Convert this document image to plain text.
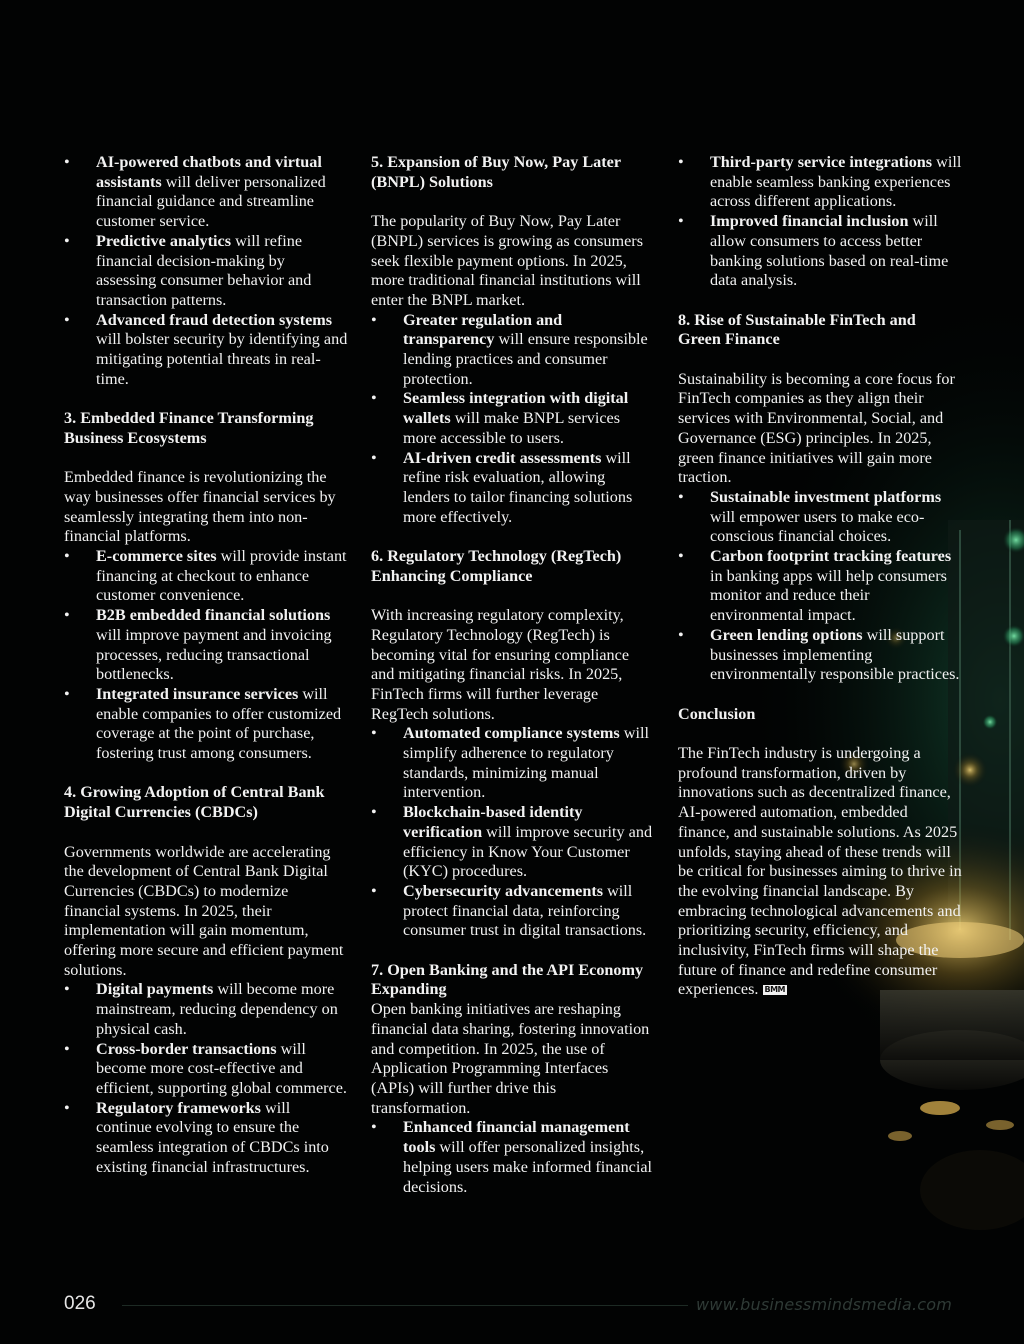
• AI-powered chatbots and virtual assistants will deliver personalized financial guidance and streamline customer service.
• Predictive analytics will refine financial decision-making by assessing consumer behavior and transaction patterns.
• Advanced fraud detection systems will bolster security by identifying and mitigating potential threats in real-time.
3. Embedded Finance Transforming Business Ecosystems

Embedded finance is revolutionizing the way businesses offer financial services by seamlessly integrating them into non-financial platforms.

• E-commerce sites will provide instant financing at checkout to enhance customer convenience.
• B2B embedded financial solutions will improve payment and invoicing processes, reducing transactional bottlenecks.
• Integrated insurance services will enable companies to offer customized coverage at the point of purchase, fostering trust among consumers.
4. Growing Adoption of Central Bank Digital Currencies (CBDCs)

Governments worldwide are accelerating the development of Central Bank Digital Currencies (CBDCs) to modernize financial systems. In 2025, their implementation will gain momentum, offering more secure and efficient payment solutions.

• Digital payments will become more mainstream, reducing dependency on physical cash.
• Cross-border transactions will become more cost-effective and efficient, supporting global commerce.
• Regulatory frameworks will continue evolving to ensure the seamless integration of CBDCs into existing financial infrastructures.
5. Expansion of Buy Now, Pay Later (BNPL) Solutions

The popularity of Buy Now, Pay Later (BNPL) services is growing as consumers seek flexible payment options. In 2025, more traditional financial institutions will enter the BNPL market.

• Greater regulation and transparency will ensure responsible lending practices and consumer protection.
• Seamless integration with digital wallets will make BNPL services more accessible to users.
• AI-driven credit assessments will refine risk evaluation, allowing lenders to tailor financing solutions more effectively.
6. Regulatory Technology (RegTech) Enhancing Compliance

With increasing regulatory complexity, Regulatory Technology (RegTech) is becoming vital for ensuring compliance and mitigating financial risks. In 2025, FinTech firms will further leverage RegTech solutions.

• Automated compliance systems will simplify adherence to regulatory standards, minimizing manual intervention.
• Blockchain-based identity verification will improve security and efficiency in Know Your Customer (KYC) procedures.
• Cybersecurity advancements will protect financial data, reinforcing consumer trust in digital transactions.
7. Open Banking and the API Economy Expanding

Open banking initiatives are reshaping financial data sharing, fostering innovation and competition. In 2025, the use of Application Programming Interfaces (APIs) will further drive this transformation.

• Enhanced financial management tools will offer personalized insights, helping users make informed financial decisions.
• Third-party service integrations will enable seamless banking experiences across different applications.
• Improved financial inclusion will allow consumers to access better banking solutions based on real-time data analysis.
8. Rise of Sustainable FinTech and Green Finance

Sustainability is becoming a core focus for FinTech companies as they align their services with Environmental, Social, and Governance (ESG) principles. In 2025, green finance initiatives will gain more traction.

• Sustainable investment platforms will empower users to make eco-conscious financial choices.
• Carbon footprint tracking features in banking apps will help consumers monitor and reduce their environmental impact.
• Green lending options will support businesses implementing environmentally responsible practices.
Conclusion

The FinTech industry is undergoing a profound transformation, driven by innovations such as decentralized finance, AI-powered automation, embedded finance, and sustainable solutions. As 2025 unfolds, staying ahead of these trends will be critical for businesses aiming to thrive in the evolving financial landscape. By embracing technological advancements and prioritizing security, efficiency, and inclusivity, FinTech firms will shape the future of finance and redefine consumer experiences. BMM

026	www.businessmindsmedia.com
